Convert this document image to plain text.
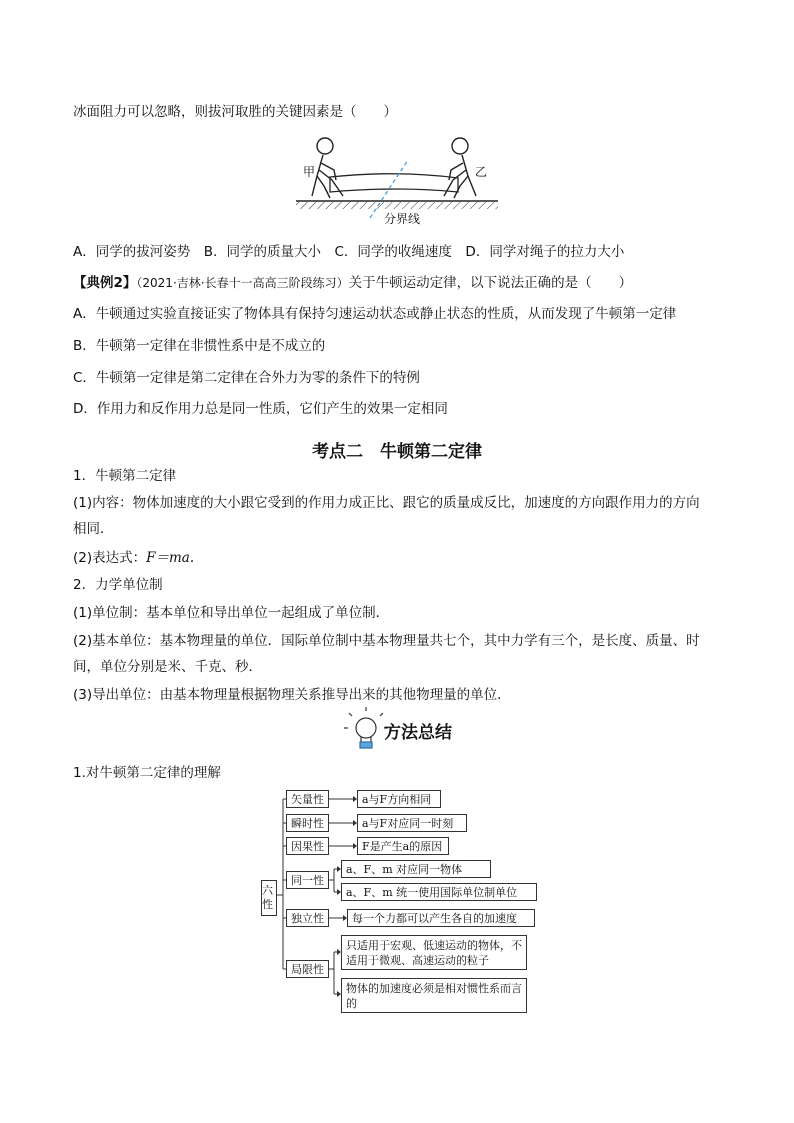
冰面阻力可以忽略，则拔河取胜的关键因素是（　　）
甲	乙
分界线
A．同学的拔河姿势　B．同学的质量大小　C．同学的收绳速度　D．同学对绳子的拉力大小
【典例2】（2021·吉林·长春十一高高三阶段练习）关于牛顿运动定律，以下说法正确的是（　　）
A．牛顿通过实验直接证实了物体具有保持匀速运动状态或静止状态的性质，从而发现了牛顿第一定律
B．牛顿第一定律在非惯性系中是不成立的
C．牛顿第一定律是第二定律在合外力为零的条件下的特例
D．作用力和反作用力总是同一性质，它们产生的效果一定相同
考点二　牛顿第二定律
1．牛顿第二定律
(1)内容：物体加速度的大小跟它受到的作用力成正比、跟它的质量成反比，加速度的方向跟作用力的方向
相同．
(2)表达式：F＝ma.
2．力学单位制
(1)单位制：基本单位和导出单位一起组成了单位制．
(2)基本单位：基本物理量的单位．国际单位制中基本物理量共七个，其中力学有三个，是长度、质量、时
间，单位分别是米、千克、秒．
(3)导出单位：由基本物理量根据物理关系推导出来的其他物理量的单位．
方法总结
1.对牛顿第二定律的理解
六性
矢量性	a与F方向相同
瞬时性	a与F对应同一时刻
因果性	F是产生a的原因
同一性
a、F、m 对应同一物体
a、F、m 统一使用国际单位制单位
独立性	每一个力都可以产生各自的加速度
局限性
只适用于宏观、低速运动的物体，不适用于微观、高速运动的粒子
物体的加速度必须是相对惯性系而言的
